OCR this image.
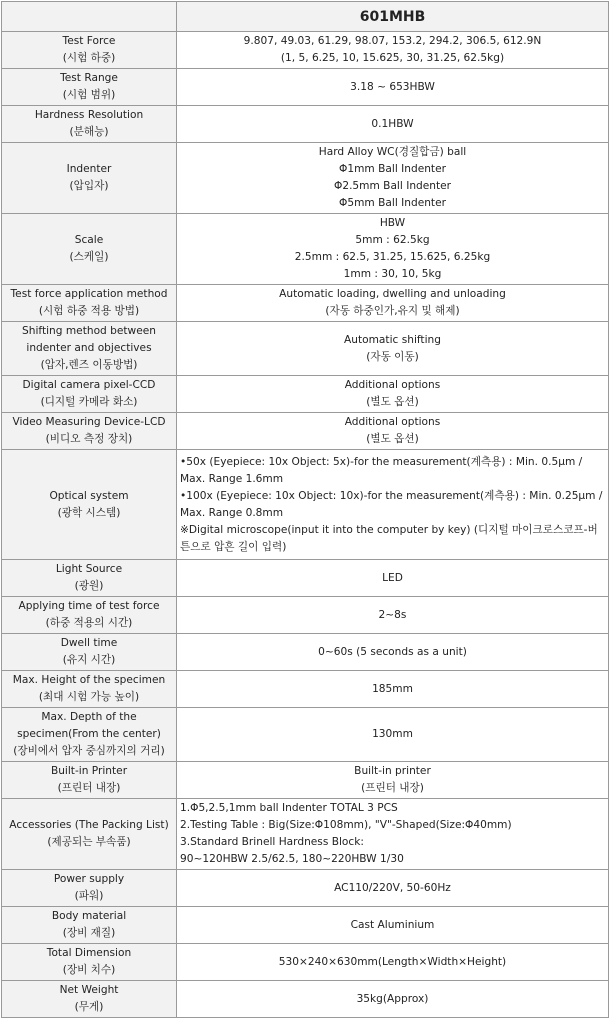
	601MHB

Test Force
(시험 하중)	9.807, 49.03, 61.29, 98.07, 153.2, 294.2, 306.5, 612.9N
(1, 5, 6.25, 10, 15.625, 30, 31.25, 62.5kg)

Test Range
(시험 범위)	3.18 ~ 653HBW

Hardness Resolution
(분해능)	0.1HBW

Indenter
(압입자)	Hard Alloy WC(경질합금) ball
Φ1mm Ball Indenter
Φ2.5mm Ball Indenter
Φ5mm Ball Indenter

Scale
(스케일)	HBW
5mm : 62.5kg
2.5mm : 62.5, 31.25, 15.625, 6.25kg
1mm : 30, 10, 5kg

Test force application method
(시험 하중 적용 방법)	Automatic loading, dwelling and unloading
(자동 하중인가,유지 및 해제)

Shifting method between
indenter and objectives
(압자,렌즈 이동방법)	Automatic shifting
(자동 이동)

Digital camera pixel-CCD
(디지털 카메라 화소)	Additional options
(별도 옵션)

Video Measuring Device-LCD
(비디오 측정 장치)	Additional options
(별도 옵션)

Optical system
(광학 시스템)	•50x (Eyepiece: 10x Object: 5x)-for the measurement(계측용) : Min. 0.5μm / Max. Range 1.6mm
•100x (Eyepiece: 10x Object: 10x)-for the measurement(계측용) : Min. 0.25μm / Max. Range 0.8mm
※Digital microscope(input it into the computer by key) (디지털 마이크로스코프-버튼으로 압흔 길이 입력)

Light Source
(광원)	LED

Applying time of test force
(하중 적용의 시간)	2~8s

Dwell time
(유지 시간)	0~60s (5 seconds as a unit)

Max. Height of the specimen
(최대 시험 가능 높이)	185mm

Max. Depth of the specimen(From the center)
(장비에서 압자 중심까지의 거리)	130mm

Built-in Printer
(프린터 내장)	Built-in printer
(프린터 내장)

Accessories (The Packing List)
(제공되는 부속품)	1.Φ5,2.5,1mm ball Indenter TOTAL 3 PCS
2.Testing Table : Big(Size:Φ108mm), "V"-Shaped(Size:Φ40mm)
3.Standard Brinell Hardness Block:
90~120HBW 2.5/62.5, 180~220HBW 1/30

Power supply
(파워)	AC110/220V, 50-60Hz

Body material
(장비 재질)	Cast Aluminium

Total Dimension
(장비 치수)	530×240×630mm(Length×Width×Height)

Net Weight
(무게)	35kg(Approx)
